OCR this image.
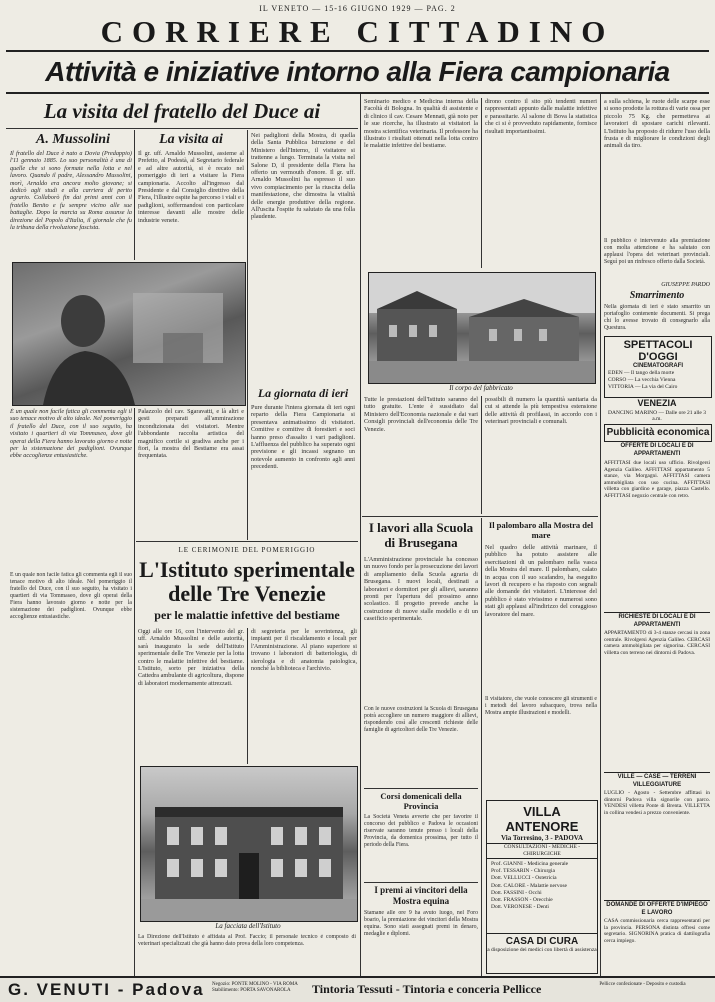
IL VENETO — 15-16 GIUGNO 1929 — PAG. 2
CORRIERE CITTADINO
Attività e iniziative intorno alla Fiera campionaria
La visita del fratello del Duce ai
A. Mussolini
Il fratello del Duce è nato a Dovia (Predappio) l'11 gennaio 1885. Lo suo personalità è una di quelle che si sono formate nella lotta e nel lavoro. Quando il padre, Alessandro Mussolini, morì, Arnaldo era ancora molto giovane; si dedicò agli studi e alla carriera di perito agrario. Collaborò fin dai primi anni con il fratello Benito e fu sempre vicino alle sue battaglie. Dopo la marcia su Roma assunse la direzione del Popolo d'Italia, il giornale che fu la tribuna della rivoluzione fascista.
La visita ai
Il gr. uff. Arnaldo Mussolini, assieme al Prefetto, al Podestà, al Segretario federale e ad altre autorità, si è recato nel pomeriggio di ieri a visitare la Fiera campionaria. Accolto all'ingresso dal Presidente e dal Consiglio direttivo della Fiera, l'illustre ospite ha percorso i viali e i padiglioni, soffermandosi con particolare interesse davanti alle mostre delle industrie venete.
Nei padiglioni della Mostra, di quella della Santa Pubblica Istruzione e del Ministero dell'Interno, il visitatore si trattenne a lungo. Terminata la visita nel Salone D, il presidente della Fiera ha offerto un vermouth d'onore. Il gr. uff. Arnaldo Mussolini ha espresso il suo vivo compiacimento per la riuscita della manifestazione, che dimostra la vitalità delle energie produttive della regione. All'uscita l'ospite fu salutato da una folla plaudente.
È un quale non facile fatica gli commenta egli il suo tenace motivo di alto ideale. Nel pomeriggio il fratello del Duce, con il suo seguito, ha visitato i quartieri di via Tommaseo, dove gli operai della Fiera hanno lavorato giorno e notte per la sistemazione dei padiglioni. Ovunque ebbe accoglienze entusiastiche.
Palazzolo del cav. Sgaravatti, e là altri e gesti preparati all'ammirazione incondizionata dei visitatori. Mentre l'abbondante raccolta artistica del magnifico cortile si gradiva anche per i fiori, la mostra del Bestiame era assai frequentata.
La giornata di ieri
Pure durante l'intera giornata di ieri ogni reparto della Fiera Campionaria si presentava animatissimo di visitatori. Comitive e comitive di forestieri e soci hanno preso d'assalto i vari padiglioni. L'affluenza del pubblico ha superato ogni previsione e gli incassi segnano un notevole aumento in confronto agli anni precedenti.
È un quale non facile fatica gli commenta egli il suo tenace motivo di alto ideale. Nel pomeriggio il fratello del Duce, con il suo seguito, ha visitato i quartieri di via Tommaseo, dove gli operai della Fiera hanno lavorato giorno e notte per la sistemazione dei padiglioni. Ovunque ebbe accoglienze entusiastiche.
LE CERIMONIE DEL POMERIGGIO
L'Istituto sperimentale delle Tre Venezie
per le malattie infettive del bestiame
Oggi alle ore 16, con l'intervento del gr. uff. Arnaldo Mussolini e delle autorità, sarà inaugurato la sede dell'Istituto sperimentale delle Tre Venezie per la lotta contro le malattie infettive del bestiame. L'Istituto, sorto per iniziativa della Cattedra ambulante di agricoltura, dispone di laboratori modernamente attrezzati.
di segreteria per le sovrintenza, gli impianti per il riscaldamento e locali per l'Amministrazione. Al piano superiore si trovano i laboratori di batteriologia, di sierologia e di anatomia patologica, nonché la biblioteca e l'archivio.
La facciata dell'Istituto
La Direzione dell'Istituto è affidata al Prof. Faccio; il personale tecnico è composto di veterinari specializzati che già hanno dato prova della loro competenza.
Seminario medico e Medicina interna della Facoltà di Bologna. In qualità di assistente e di clinico il cav. Cesare Mennati, già noto per le sue ricerche, ha illustrato ai visitatori la mostra scientifica veterinaria. Il professore ha illustrato i risultati ottenuti nella lotta contro le malattie infettive del bestiame.
dirono contro il sito più tendenti numeri rappresentati appunto dalle malattie infettive e parassitarie. Al salone di Bova la statistica che ci si è provveduto rapidamente, fornisce risultati importantissimi.
Il corpo del fabbricato
Tutte le prestazioni dell'Istituto saranno del tutto gratuite. L'ente è sussidiato dal Ministero dell'Economia nazionale e dai vari Consigli provinciali dell'economia delle Tre Venezie.
possibili di numero la quantità sanitaria da cui si attende la più tempestiva estensione delle attività di profilassi, in accordo con i veterinari provinciali e comunali.
I lavori alla Scuola di Brusegana
L'Amministrazione provinciale ha concesso un nuovo fondo per la prosecuzione dei lavori di ampliamento della Scuola agraria di Brusegana. I nuovi locali, destinati a laboratori e dormitori per gli allievi, saranno pronti per l'apertura del prossimo anno scolastico. Il progetto prevede anche la costruzione di nuove stalle modello e di un caseificio sperimentale.
Con le nuove costruzioni la Scuola di Brusegana potrà accogliere un numero maggiore di allievi, rispondendo così alle crescenti richieste delle famiglie di agricoltori delle Tre Venezie.
Corsi domenicali della Provincia
La Società Veneta avverte che per favorire il concorso dei pubblico e Padova le occasioni riservate saranno tenute presso i locali della Provincia, da domenica prossima, per tutto il periodo della Fiera.
I premi ai vincitori della Mostra equina
Stamane alle ore 9 ha avuto luogo, nel Foro boario, la premiazione dei vincitori della Mostra equina. Sono stati assegnati premi in denaro, medaglie e diplomi.
Il palombaro alla Mostra del mare
Nel quadro delle attività marinare, il pubblico ha potuto assistere alle esercitazioni di un palombaro nella vasca della Mostra del mare. Il palombaro, calato in acqua con il suo scafandro, ha eseguito lavori di recupero e ha risposto con segnali alle domande dei visitatori. L'interesse del pubblico è stato vivissimo e numerosi sono stati gli applausi all'indirizzo del coraggioso lavoratore del mare.
Il visitatore, che vuole conoscere gli strumenti e i metodi del lavoro subacqueo, trova nella Mostra ampie illustrazioni e modelli.
VILLA ANTENORE
Via Torresino, 3 - PADOVA
CONSULTAZIONI - MEDICHE - CHIRURGICHE
Prof. GIANNI - Medicina generale
Prof. TESSARIN - Chirurgia
Dott. VELLUCCI - Ostetricia
Dott. CALORE - Malattie nervose
Dott. FASSINI - Occhi
Dott. FRASSON - Orecchie
Dott. VERONESE - Denti
CASA DI CURA
a disposizione dei medici con libertà di assistenza
a sulla schiena, le ruote delle scarpe esse si sono prodotte la rottura di varie ossa per piccolo 75 Kg. che permetteva ai lavoratori di spostare carichi rilevanti. L'Istituto ha proposto di ridurre l'uso della frusta e di migliorare le condizioni degli animali da tiro.
Il pubblico è intervenuto alla premiazione con molta attenzione e ha salutato con applausi l'opera dei veterinari provinciali. Seguì poi un rinfresco offerto dalla Società.
GIUSEPPE PARDO
Smarrimento
Nella giornata di ieri è stato smarrito un portafoglio contenente documenti. Si prega chi lo avesse trovato di consegnarlo alla Questura.
SPETTACOLI D'OGGI
CINEMATOGRAFI
EDEN — Il tango della morte
CORSO — La vecchia Vienna
VITTORIA — La via del Cairo
VENEZIA
DANCING MARINO — Dalle ore 21 alle 3 a.m.
Pubblicità economica
OFFERTE DI LOCALI E DI APPARTAMENTI
AFFITTASI due locali uso ufficio. Rivolgersi Agenzia Galileo. AFFITTASI appartamento 5 stanze, via Morgagni. AFFITTASI camera ammobigliata con uso cucina. AFFITTASI villetta con giardino e garage, piazza Castello. AFFITTASI negozio centrale con retro.
RICHIESTE DI LOCALI E DI APPARTAMENTI
APPARTAMENTO di 3-4 stanze cercasi in zona centrale. Rivolgersi Agenzia Galileo. CERCASI camera ammobigliata per signorina. CERCASI villetta con terreno nei dintorni di Padova.
VILLE — CASE — TERRENI VILLEGGIATURE
LUGLIO - Agosto - Settembre affittasi in dintorni Padova villa signorile con parco. VENDESI villetta Ponte di Brenta. VILLETTA in collina vendesi a prezzo conveniente.
DOMANDE DI OFFERTE D'IMPIEGO E LAVORO
CASA commissionaria cerca rappresentanti per la provincia. PERSONA distinta offresi come segretario. SIGNORINA pratica di dattilografia cerca impiego.
G. VENUTI - Padova Negozio: PONTE MOLINO - VIA ROMA
Stabilimento: PORTA SAVONAROLA	Tintoria Tessuti - Tintoria e conceria Pellicce	Pellicce confezionate - Deposito e custodia
